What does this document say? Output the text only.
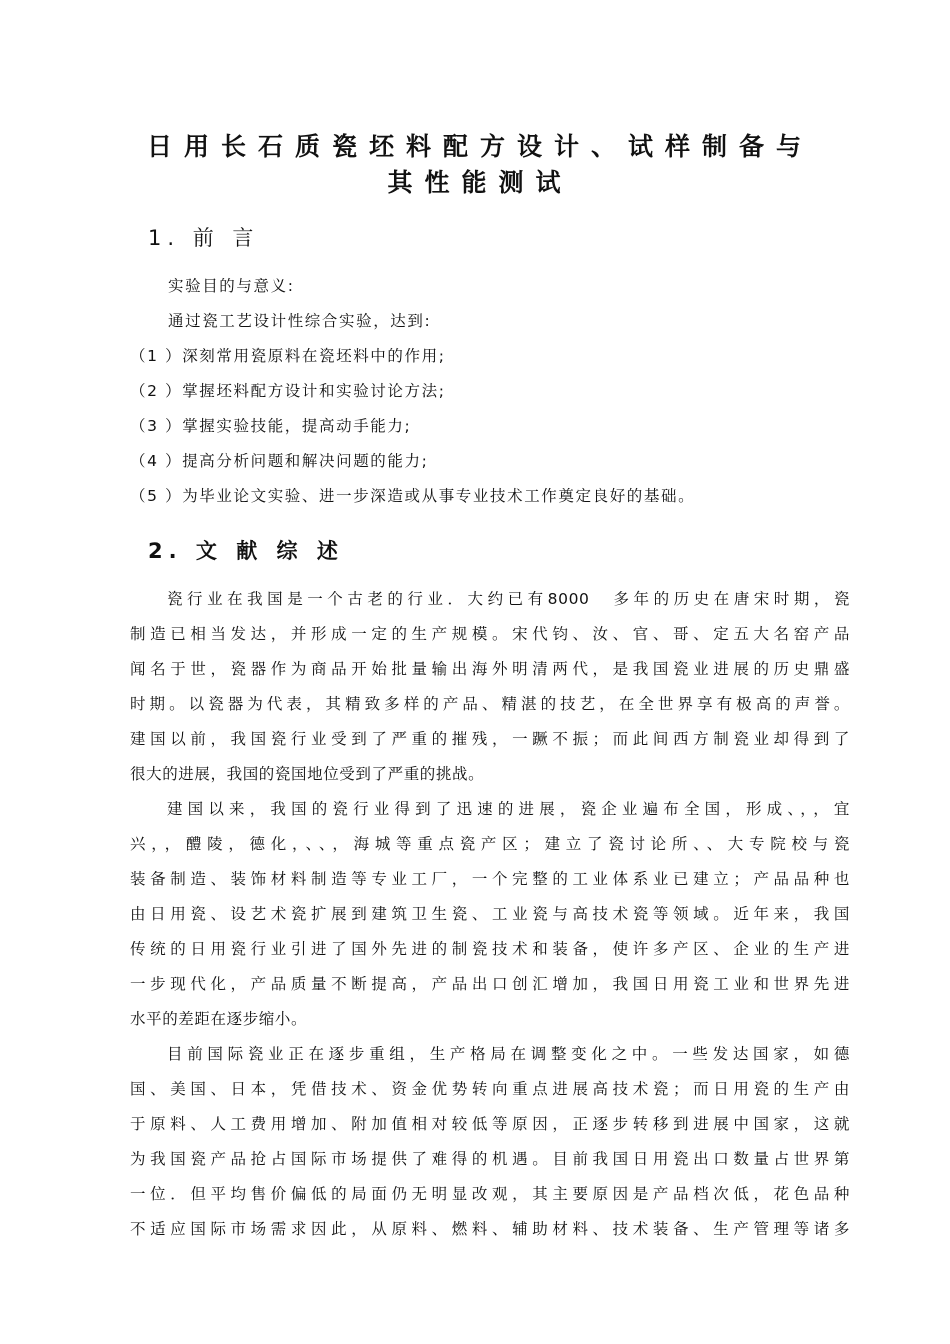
日用长石质瓷坯料配方设计、试样制备与
其性能测试
1. 前 言
实验目的与意义:
通过瓷工艺设计性综合实验，达到:
（1 ）深刻常用瓷原料在瓷坯料中的作用;
（2 ）掌握坯料配方设计和实验讨论方法;
（3 ）掌握实验技能，提高动手能力;
（4 ）提高分析问题和解决问题的能力;
（5 ）为毕业论文实验、进一步深造或从事专业技术工作奠定良好的基础。
2. 文 献 综 述
瓷行业在我国是一个古老的行业．大约已有8000　多年的历史在唐宋时期，瓷
制造已相当发达，并形成一定的生产规模。宋代钧、汝、官、哥、定五大名窑产品
闻名于世，瓷器作为商品开始批量输出海外明清两代，是我国瓷业进展的历史鼎盛
时期。以瓷器为代表，其精致多样的产品、精湛的技艺，在全世界享有极高的声誉。
建国以前，我国瓷行业受到了严重的摧残，一蹶不振；而此间西方制瓷业却得到了
很大的进展，我国的瓷国地位受到了严重的挑战。
建国以来，我国的瓷行业得到了迅速的进展，瓷企业遍布全国，形成、，，宜
兴，，醴陵，德化，、、，海城等重点瓷产区；建立了瓷讨论所、、大专院校与瓷
装备制造、装饰材料制造等专业工厂，一个完整的工业体系业已建立；产品品种也
由日用瓷、设艺术瓷扩展到建筑卫生瓷、工业瓷与高技术瓷等领域。近年来，我国
传统的日用瓷行业引进了国外先进的制瓷技术和装备，使许多产区、企业的生产进
一步现代化，产品质量不断提高，产品出口创汇增加，我国日用瓷工业和世界先进
水平的差距在逐步缩小。
目前国际瓷业正在逐步重组，生产格局在调整变化之中。一些发达国家，如德
国、美国、日本，凭借技术、资金优势转向重点进展高技术瓷；而日用瓷的生产由
于原料、人工费用增加、附加值相对较低等原因，正逐步转移到进展中国家，这就
为我国瓷产品抢占国际市场提供了难得的机遇。目前我国日用瓷出口数量占世界第
一位．但平均售价偏低的局面仍无明显改观，其主要原因是产品档次低，花色品种
不适应国际市场需求因此，从原料、燃料、辅助材料、技术装备、生产管理等诸多
